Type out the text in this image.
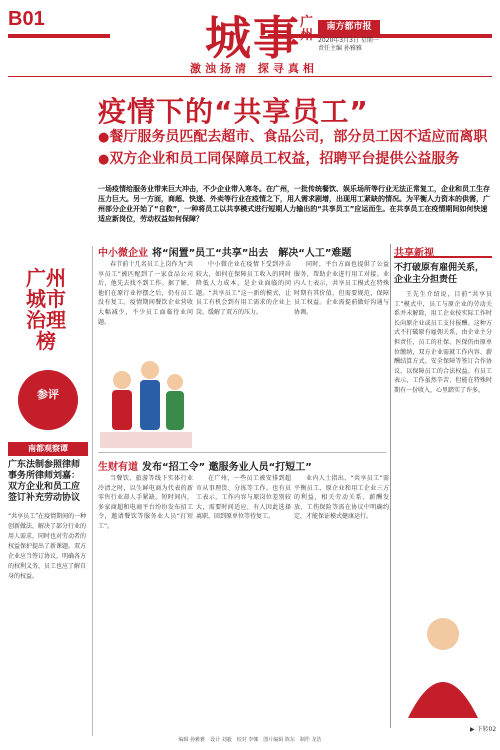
B01	城事 广州
南方都市报
2020年3月3日 星期一
责任主编 孙雅雅
激浊扬清 探寻真相
疫情下的“共享员工”
●餐厅服务员匹配去超市、食品公司，部分员工因不适应而离职
●双方企业和员工同保障员工权益，招聘平台提供公益服务
一场疫情给服务业带来巨大冲击，不少企业带入寒冬。在广州，一批传统餐饮、娱乐场所等行业无法正常复工，企业和员工生存压力巨大。另一方面，商超、快递、外卖等行业在疫情之下，用人需求剧增，出现用工紧缺的情况。为平衡人力资本的供需，广州部分企业开始了“自救”，一种将员工以共享模式进行短期人力输出的“共享员工”应运而生。在共享员工在疫情期间如何快速适应新岗位，劳动权益如何保障？
广州城市治理榜
参评
南都观察谭
广东法制参照律师事务所律师刘嘉：双方企业和员工应签订补充劳动协议
“共享员工”在疫情期间的一种创新做法，解决了部分行业的用人需求，同时也对劳动者的权益保护提出了新课题。双方企业应当签订协议，明确各方的权利义务，员工也应了解自身的权益。
中小微企业 将“闲置”员工“共享”出去　解决“人工”难题

春节前十几名员工上岗作为“共享员工”被匹配到了一家食品公司后，他先去找不到工作。据了解，他们在原行业停摆之后，仍有员工没有复工。疫情期间餐饮企业营收大幅减少，不少员工面临待业问题。

中小微企业在疫情下受到冲击较大，如何在保障员工收入的同时降低人力成本，是企业面临的问题。“共享员工”这一新的模式，让员工有机会到有用工需求的企业上岗，缓解了双方的压力。

同时，平台方面也提供了公益服务，帮助企业进行用工对接。业内人士表示，共享员工模式在特殊时期有其价值，但需要规范，保障员工权益。企业需提前做好沟通与协调。

生财有道 发布“招工令” 邀服务业人员“打短工”

当餐饮、旅游等线下实体行业冷清之时，以生鲜电商为代表的新零售行业却人手紧缺。短时间内，多家商超和电商平台纷纷发布招工令，邀请餐饮等服务业人员“打短工”。

在广州，一些员工被安排到超市从事理货、分拣等工作。也有员工表示，工作内容与原岗位差别较大，需要时间适应，有人因此选择离职，回到原单位等待复工。

业内人士指出，“共享员工”需平衡员工、原企业和用工企业三方的利益，相关劳动关系、薪酬发放、工伤保险等需在协议中明确约定，才能保证模式健康运行。

共享新视
不打破原有雇佣关系，企业主分担责任

王先生介绍说，目前“共享员工”模式中，员工与原企业的劳动关系并未解除，用工企业按实际工作时长向原企业或员工支付报酬。这种方式不打破原有雇佣关系，由企业主分担责任，员工的社保、医保仍由原单位缴纳，双方企业需就工作内容、薪酬结算方式、安全保障等签订合作协议，以保障员工的合法权益。有员工表示，工作虽然辛苦，但能在特殊时期有一份收入，心里踏实了许多。

▶ 下转02
编辑 孙雅雅　设计 刘毅　校对 李娜　图片编辑 陈东　制作 龙浩
